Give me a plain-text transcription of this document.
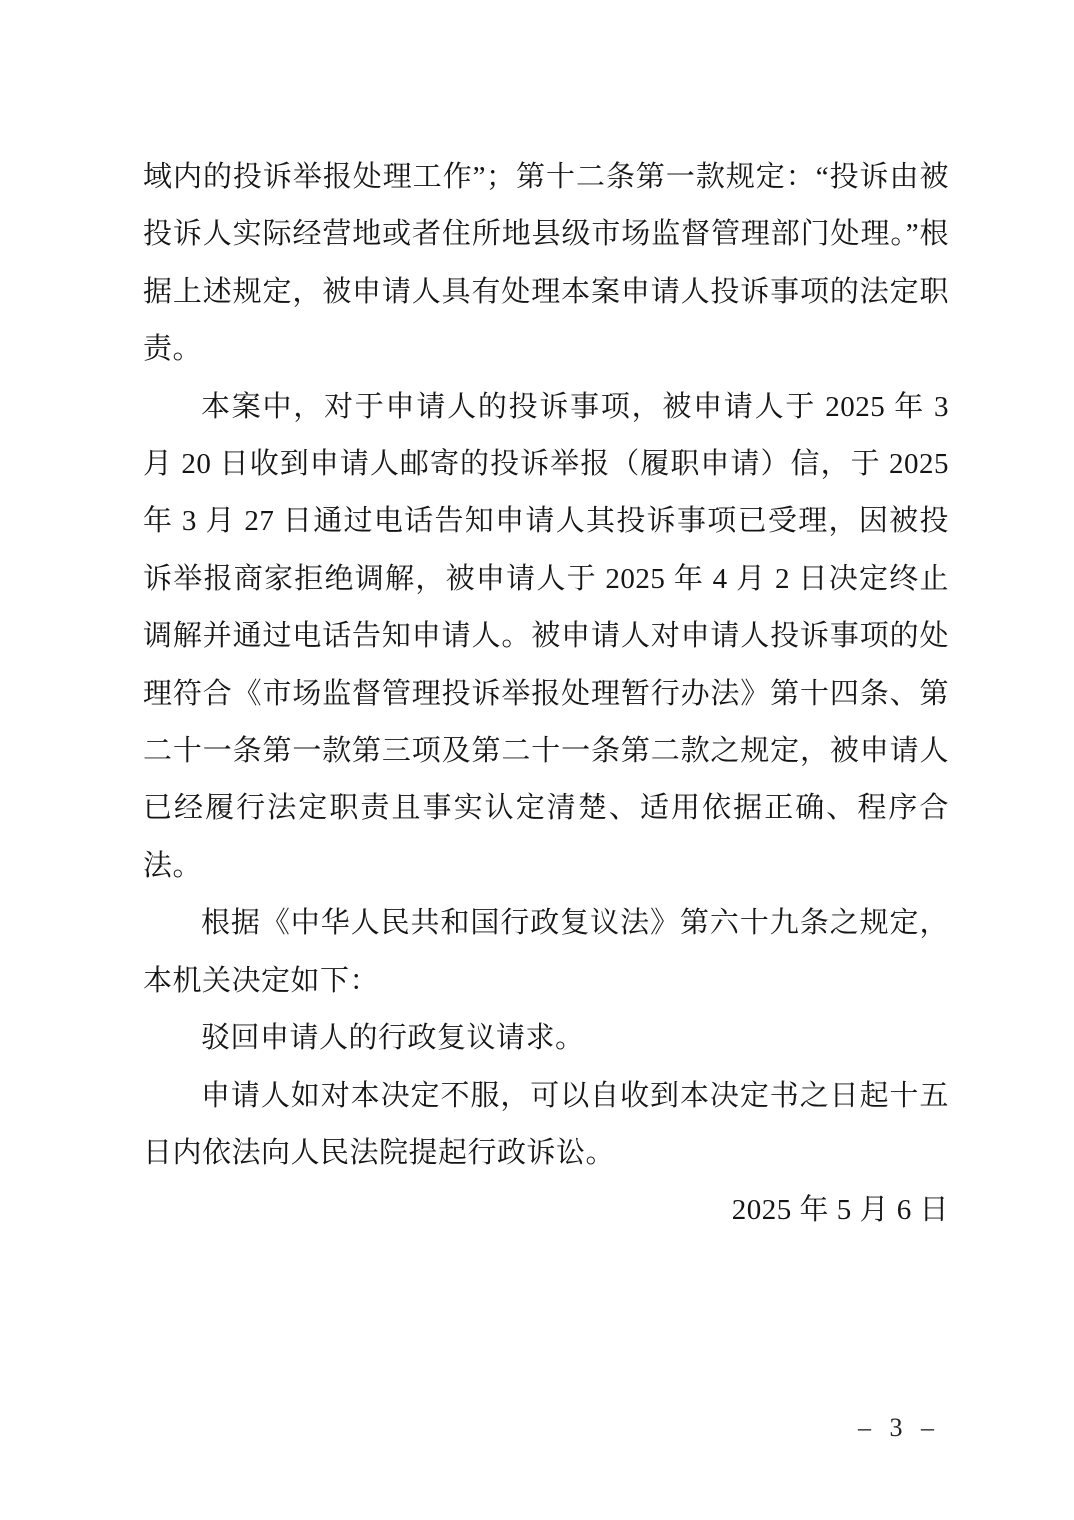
域内的投诉举报处理工作”；第十二条第一款规定：“投诉由被投诉人实际经营地或者住所地县级市场监督管理部门处理。”根据上述规定，被申请人具有处理本案申请人投诉事项的法定职责。

本案中，对于申请人的投诉事项，被申请人于 2025 年 3 月 20 日收到申请人邮寄的投诉举报（履职申请）信，于 2025 年 3 月 27 日通过电话告知申请人其投诉事项已受理，因被投诉举报商家拒绝调解，被申请人于 2025 年 4 月 2 日决定终止调解并通过电话告知申请人。被申请人对申请人投诉事项的处理符合《市场监督管理投诉举报处理暂行办法》第十四条、第二十一条第一款第三项及第二十一条第二款之规定，被申请人已经履行法定职责且事实认定清楚、适用依据正确、程序合法。

根据《中华人民共和国行政复议法》第六十九条之规定，本机关决定如下：

驳回申请人的行政复议请求。

申请人如对本决定不服，可以自收到本决定书之日起十五日内依法向人民法院提起行政诉讼。

2025 年 5 月 6 日

– 3 –
